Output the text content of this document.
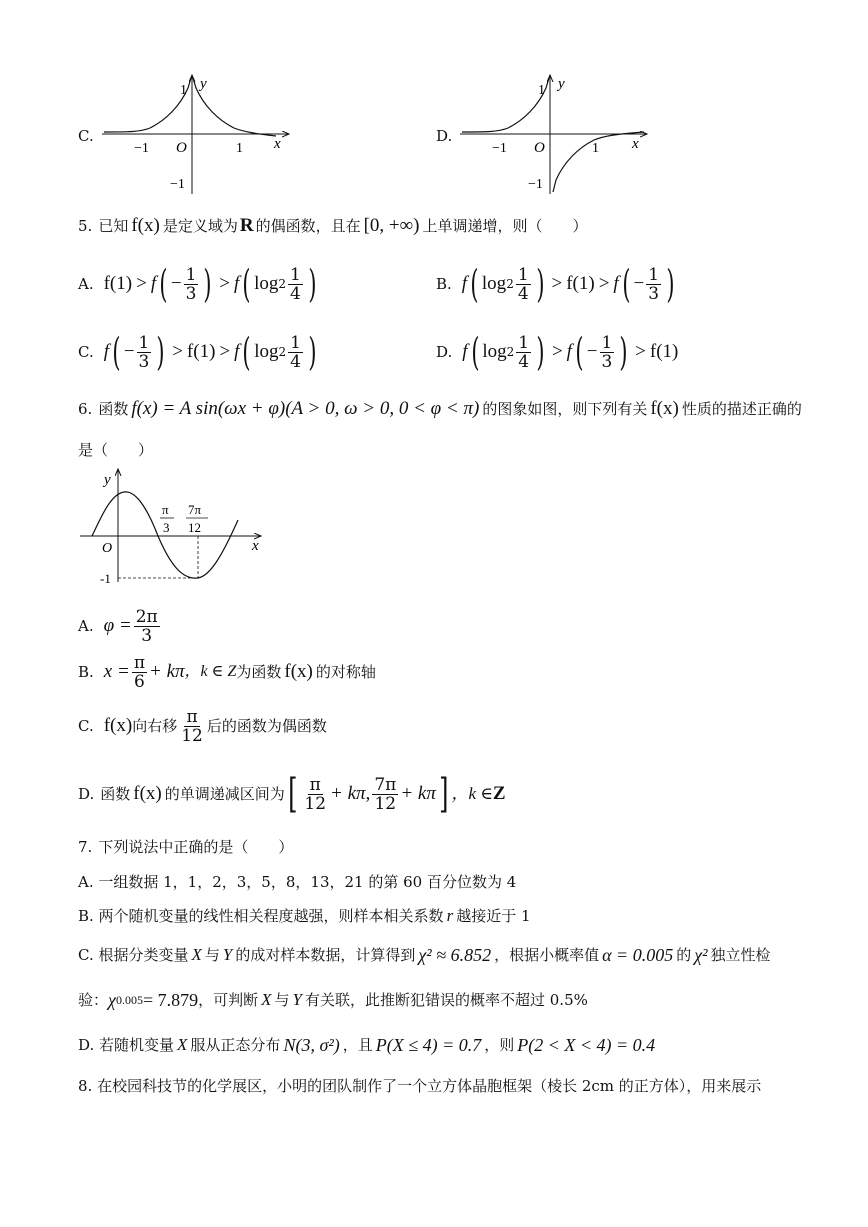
C.
y
1
−1
O
−1	1 x	D.
y
1
−1
O
−1	1 x
5. 已知 f(x) 是定义域为 R 的偶函数，且在 [0, +∞) 上单调递增，则（　　）
A. f(1) > f ( − $\frac{1}{3}$ ) > f ( $\log 2 \frac{1}{4}$ )	B. f ( $\log 2 \frac{1}{4}$ ) > f(1) > f ( − $\frac{1}{3}$ )
C. f ( − $\frac{1}{3}$ ) > f(1) > f ( $\log 2 \frac{1}{4}$ )	D. f ( $\log 2 \frac{1}{4}$ ) > f ( − $\frac{1}{3}$ ) > f(1)
6. 函数 f(x) = A sin(ωx + φ)(A > 0, ω > 0, 0 < φ < π) 的图象如图，则下列有关 f(x) 性质的描述正确的
是（　　）
y
O	x
π
3
7π
12
-1
A. $\varphi = \frac{2\pi}{3}$
B. $x = \frac{\pi}{6} + k\pi$ ，k ∈ Z 为函数 f(x) 的对称轴
C. f(x) 向右移 $\frac{\pi}{12}$ 后的函数为偶函数
D. 函数 f(x) 的单调递减区间为 [ $\frac{\pi}{12} + k\pi$, $\frac{7\pi}{12} + k\pi$ ] ，k ∈ Z
7. 下列说法中正确的是（　　）
A. 一组数据 1，1，2，3，5，8，13，21 的第 60 百分位数为 4
B. 两个随机变量的线性相关程度越强，则样本相关系数 r 越接近于 1
C. 根据分类变量 X 与 Y 的成对样本数据，计算得到 χ² ≈ 6.852 ，根据小概率值 α = 0.005 的 χ² 独立性检
验： χ 0.005 = 7.879 ，可判断 X 与 Y 有关联，此推断犯错误的概率不超过 0.5%
D. 若随机变量 X 服从正态分布 N(3, σ²) ，且 P(X ≤ 4) = 0.7 ，则 P(2 < X < 4) = 0.4
8. 在校园科技节的化学展区，小明的团队制作了一个立方体晶胞框架（棱长 2cm 的正方体），用来展示
